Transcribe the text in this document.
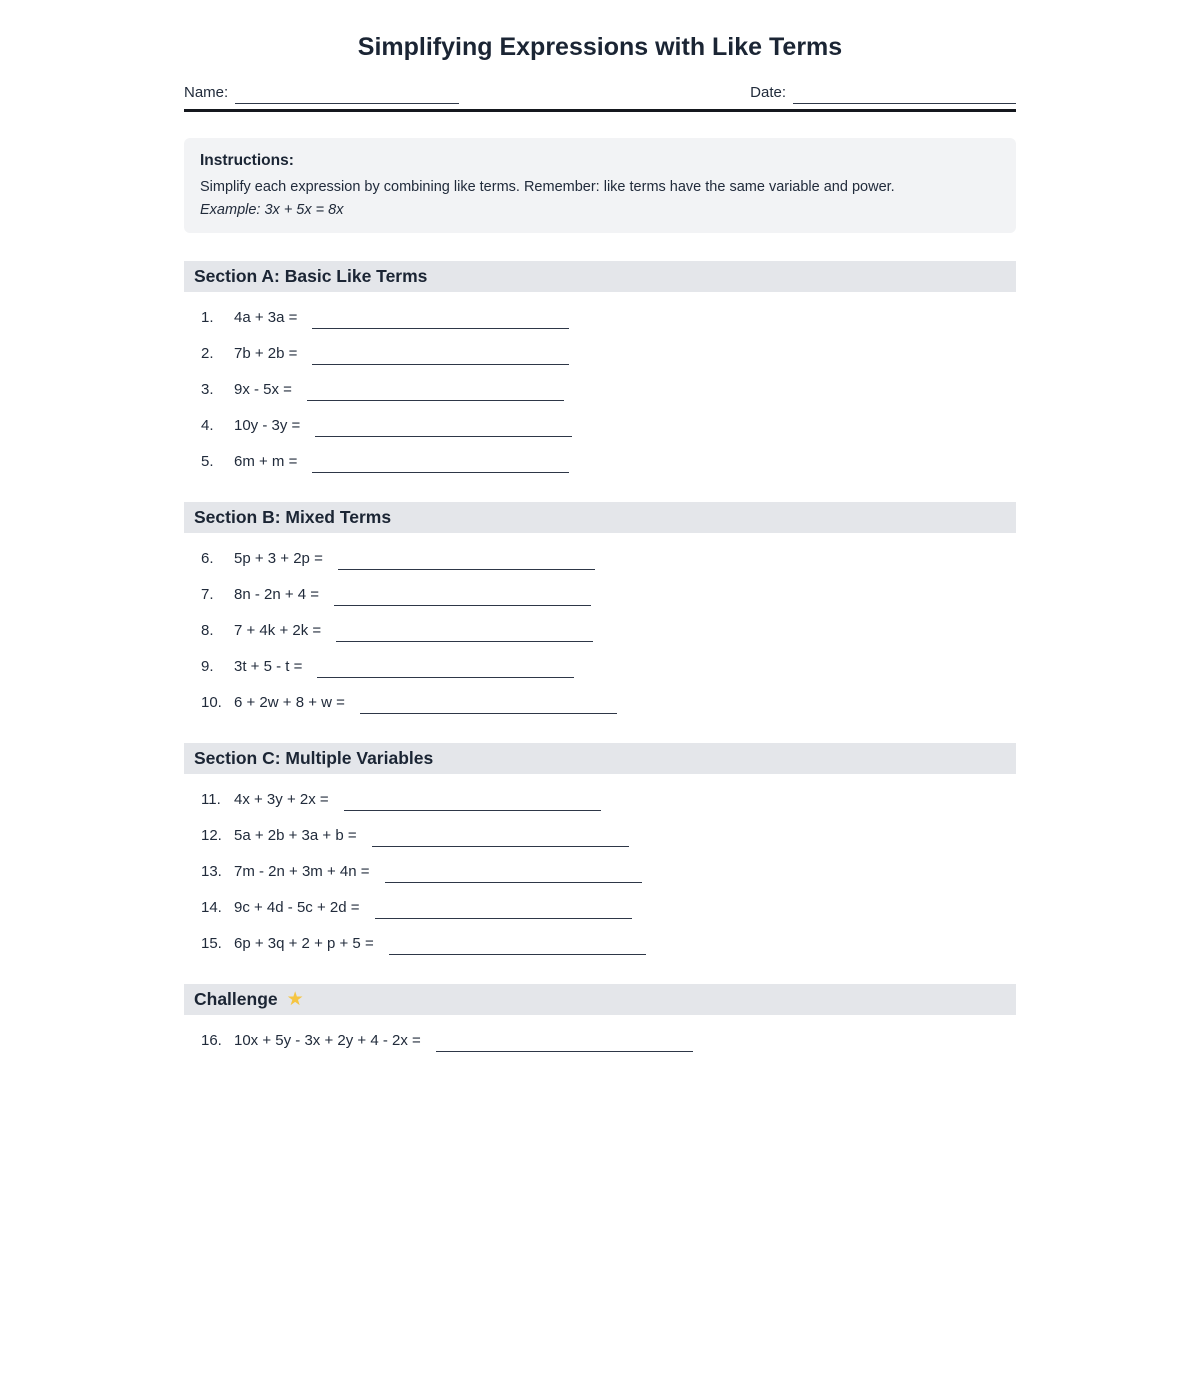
Simplifying Expressions with Like Terms
Name:	Date:

Instructions:

Simplify each expression by combining like terms. Remember: like terms have the same variable and power.

Example: 3x + 5x = 8x

Section A: Basic Like Terms
1.	4a + 3a =
2.	7b + 2b =
3.	9x - 5x =
4.	10y - 3y =
5.	6m + m =
Section B: Mixed Terms
6.	5p + 3 + 2p =
7.	8n - 2n + 4 =
8.	7 + 4k + 2k =
9.	3t + 5 - t =
10. 6 + 2w + 8 + w =
Section C: Multiple Variables
11. 4x + 3y + 2x =
12. 5a + 2b + 3a + b =
13. 7m - 2n + 3m + 4n =
14. 9c + 4d - 5c + 2d =
15. 6p + 3q + 2 + p + 5 =
Challenge ★
16. 10x + 5y - 3x + 2y + 4 - 2x =
